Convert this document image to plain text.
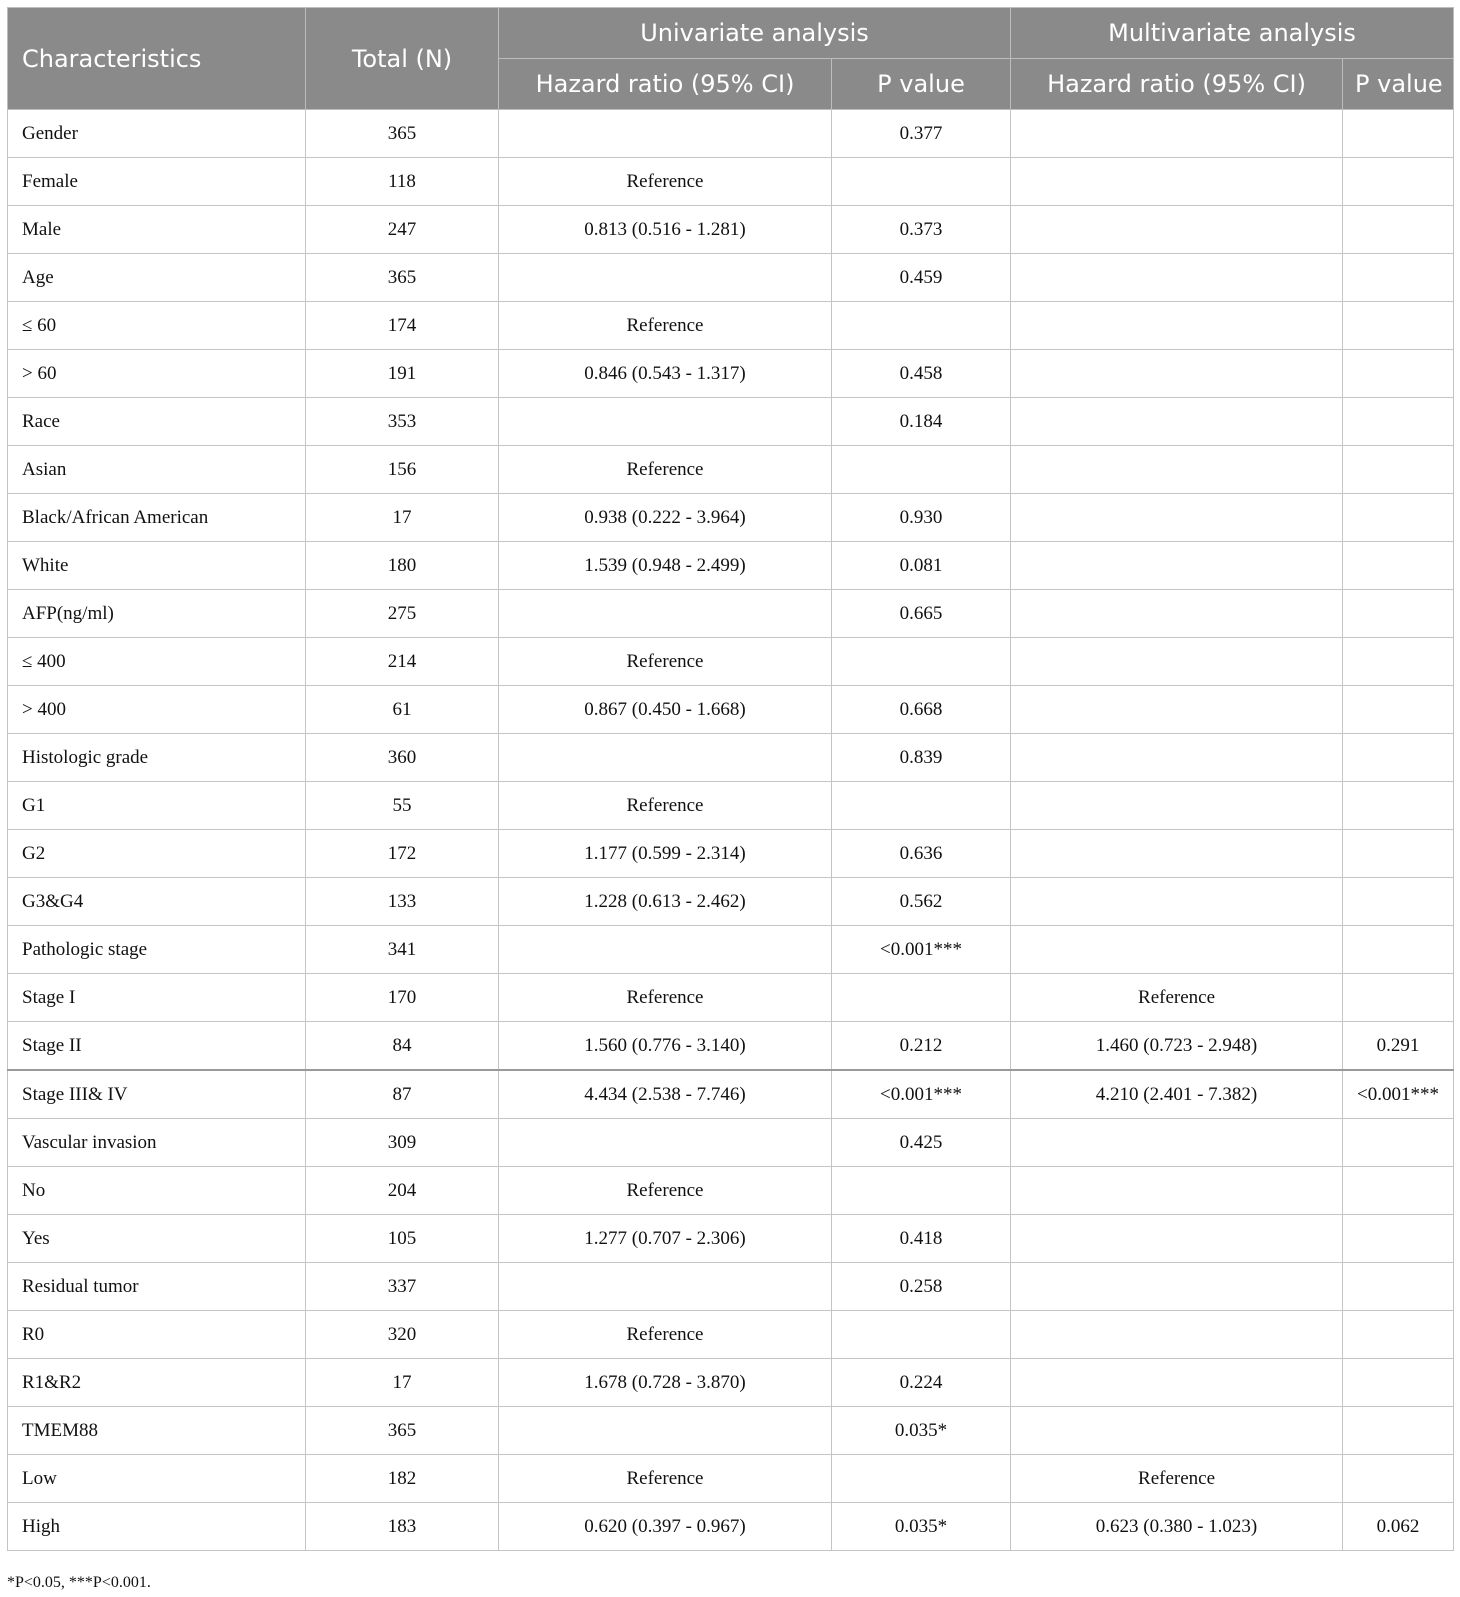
Characteristics	Total (N)	Univariate analysis		Multivariate analysis	
		Hazard ratio (95% CI)	P value	Hazard ratio (95% CI)	P value
Gender	365		0.377		
Female	118	Reference			
Male	247	0.813 (0.516 - 1.281)	0.373		
Age	365		0.459		
≤ 60	174	Reference			
> 60	191	0.846 (0.543 - 1.317)	0.458		
Race	353		0.184		
Asian	156	Reference			
Black/African American	17	0.938 (0.222 - 3.964)	0.930		
White	180	1.539 (0.948 - 2.499)	0.081		
AFP(ng/ml)	275		0.665		
≤ 400	214	Reference			
> 400	61	0.867 (0.450 - 1.668)	0.668		
Histologic grade	360		0.839		
G1	55	Reference			
G2	172	1.177 (0.599 - 2.314)	0.636		
G3&G4	133	1.228 (0.613 - 2.462)	0.562		
Pathologic stage	341		<0.001***		
Stage I	170	Reference		Reference	
Stage II	84	1.560 (0.776 - 3.140)	0.212	1.460 (0.723 - 2.948)	0.291
Stage III& IV	87	4.434 (2.538 - 7.746)	<0.001***	4.210 (2.401 - 7.382)	<0.001***
Vascular invasion	309		0.425		
No	204	Reference			
Yes	105	1.277 (0.707 - 2.306)	0.418		
Residual tumor	337		0.258		
R0	320	Reference			
R1&R2	17	1.678 (0.728 - 3.870)	0.224		
TMEM88	365		0.035*		
Low	182	Reference		Reference	
High	183	0.620 (0.397 - 0.967)	0.035*	0.623 (0.380 - 1.023)	0.062
*P<0.05, ***P<0.001.
